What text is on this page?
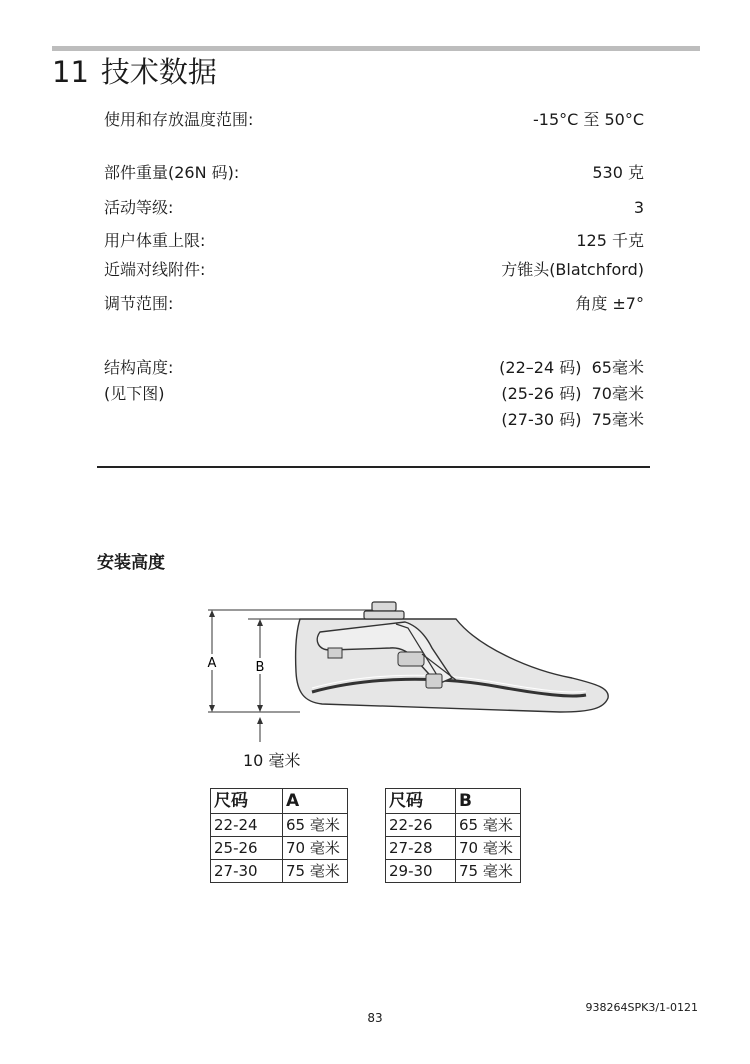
11 技术数据
使用和存放温度范围:	-15°C 至 50°C
部件重量(26N 码):	530 克
活动等级:	3
用户体重上限:	125 千克
近端对线附件:	方锥头(Blatchford)
调节范围:	角度 ±7°
结构高度:	(22–24 码) 65毫米
(见下图)	(25-26 码) 70毫米
(27-30 码) 75毫米
安装高度
A	B
10 毫米
尺码	A
22-24	65 毫米
25-26	70 毫米
27-30	75 毫米
尺码	B
22-26	65 毫米
27-28	70 毫米
29-30	75 毫米
938264SPK3/1-0121
83
